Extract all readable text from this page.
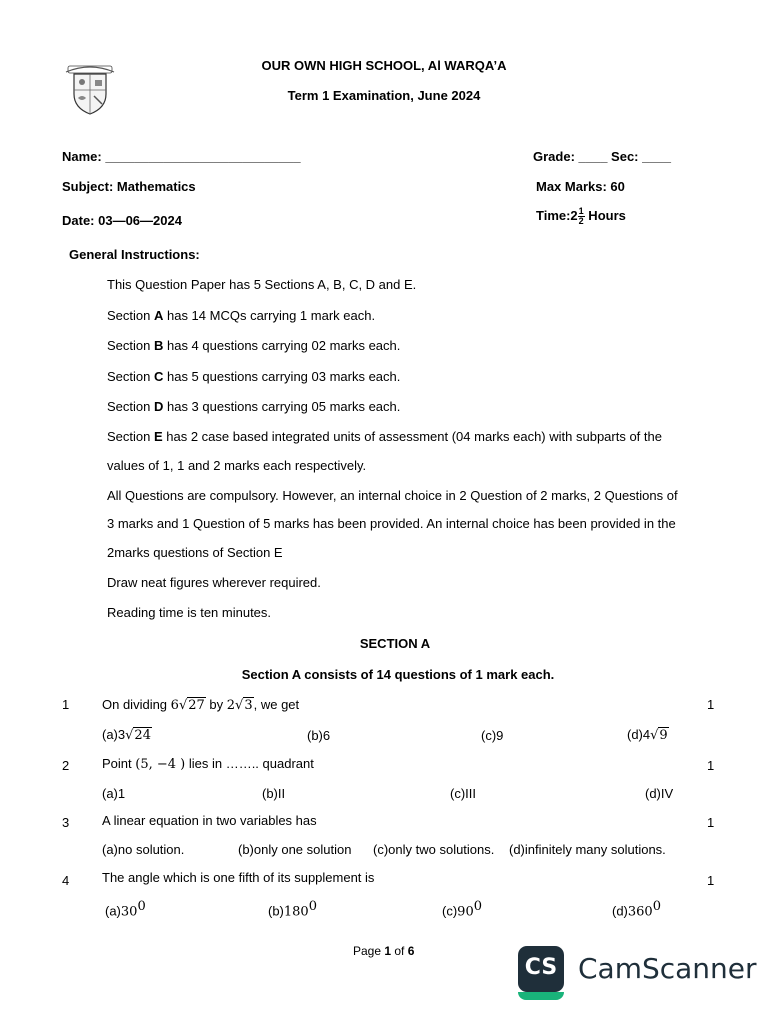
OUR OWN HIGH SCHOOL, Al WARQA’A
Term 1 Examination, June 2024
Name: ___________________________	Grade: ____ Sec: ____
Subject: Mathematics	Max Marks: 60
Date: 03—06—2024	Time:2 $\frac{1}{2}$ Hours
General Instructions:
This Question Paper has 5 Sections A, B, C, D and E.
Section A has 14 MCQs carrying 1 mark each.
Section B has 4 questions carrying 02 marks each.
Section C has 5 questions carrying 03 marks each.
Section D has 3 questions carrying 05 marks each.
Section E has 2 case based integrated units of assessment (04 marks each) with subparts of the
values of 1, 1 and 2 marks each respectively.
All Questions are compulsory. However, an internal choice in 2 Question of 2 marks, 2 Questions of
3 marks and 1 Question of 5 marks has been provided. An internal choice has been provided in the
2marks questions of Section E
Draw neat figures wherever required.
Reading time is ten minutes.
SECTION A
Section A consists of 14 questions of 1 mark each.
1	On dividing 6√27 by 2√3, we get	1
(a)3√24	(b)6	(c)9	(d)4√9
2	Point (5, −4 ) lies in …….. quadrant	1
(a)1	(b)II	(c)III	(d)IV
3	A linear equation in two variables has	1
(a)no solution.	(b)only one solution (c)only two solutions. (d)infinitely many solutions.
4	The angle which is one fifth of its supplement is	1
$(a)30^0$	$(b)180^0$	$(c)90^0$	$(d)360^0$
Page 1 of 6
CS CamScanner
